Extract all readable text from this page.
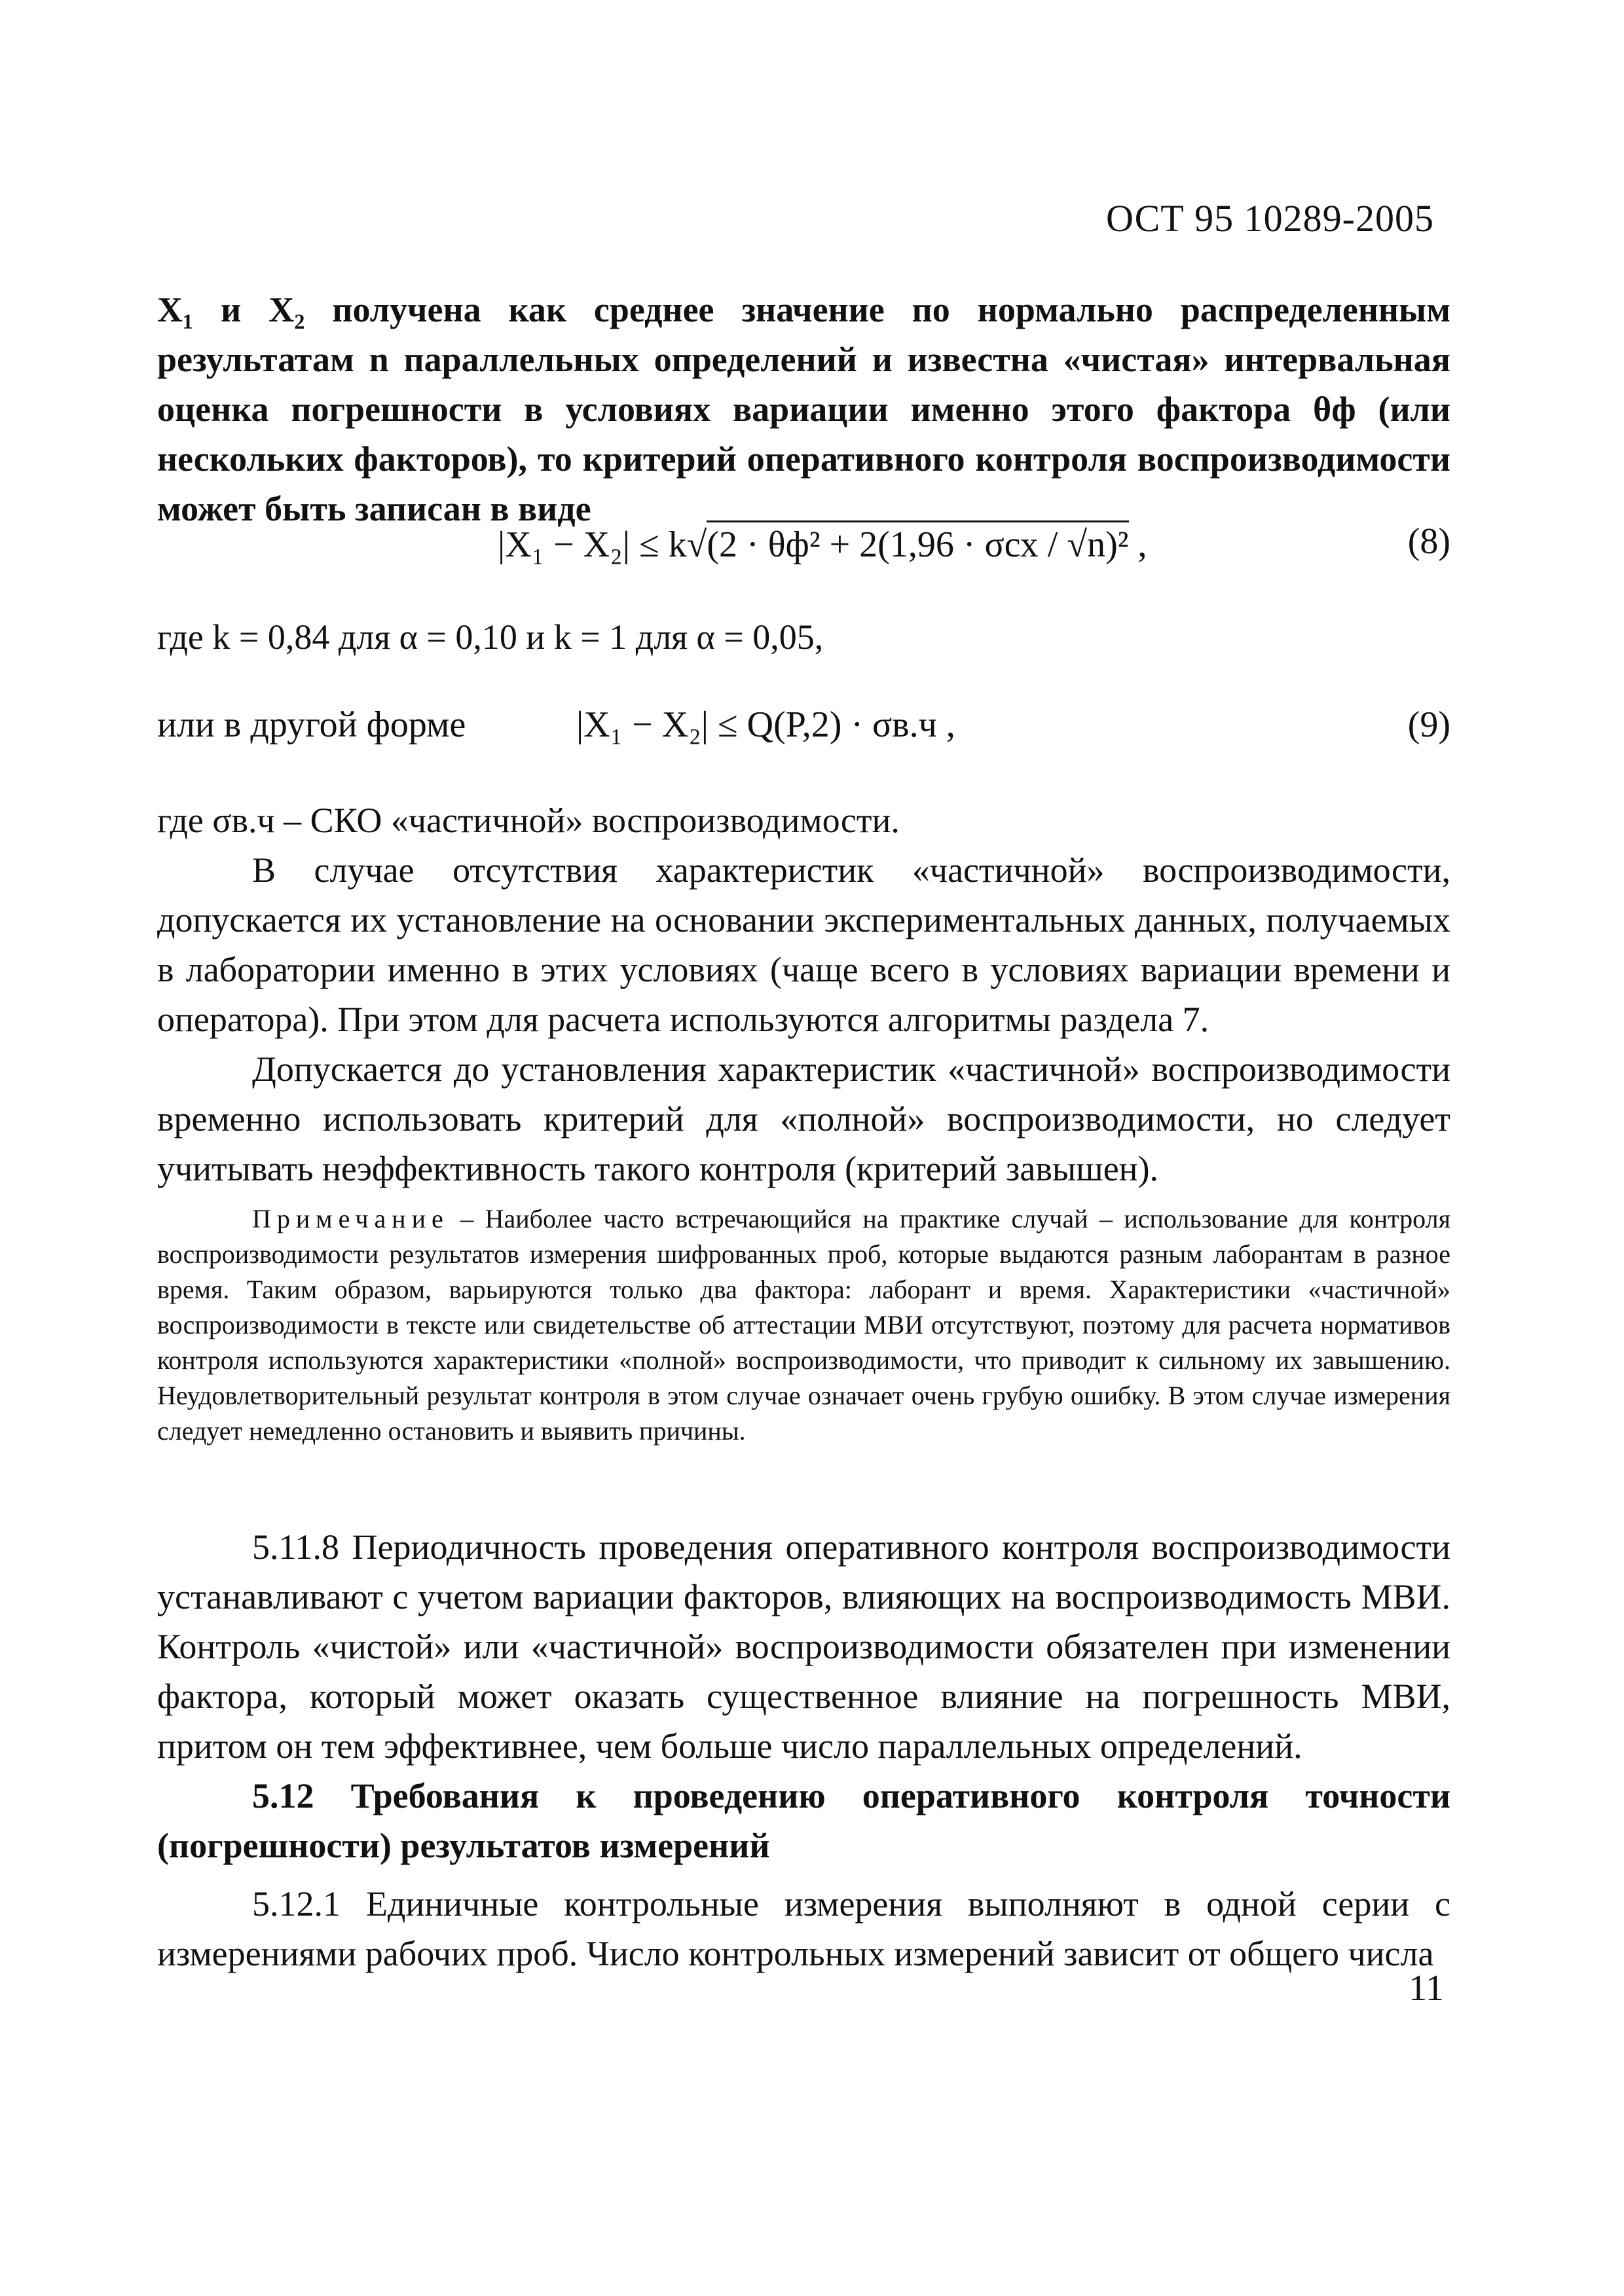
ОСТ 95 10289-2005
X₁ и X₂ получена как среднее значение по нормально распределенным результатам n параллельных определений и известна «чистая» интервальная оценка погрешности в условиях вариации именно этого фактора θф (или нескольких факторов), то критерий оперативного контроля воспроизводимости может быть записан в виде
|X₁ − X₂| ≤ k√(2 · θф² + 2(1,96 · σсх / √n)² ,	(8)
где k = 0,84 для α = 0,10 и k = 1 для α = 0,05,
или в другой форме	|X₁ − X₂| ≤ Q(P,2) · σв.ч ,	(9)
где σв.ч – СКО «частичной» воспроизводимости.
В случае отсутствия характеристик «частичной» воспроизводимости, допускается их установление на основании экспериментальных данных, получаемых в лаборатории именно в этих условиях (чаще всего в условиях вариации времени и оператора). При этом для расчета используются алгоритмы раздела 7.
Допускается до установления характеристик «частичной» воспроизводимости временно использовать критерий для «полной» воспроизводимости, но следует учитывать неэффективность такого контроля (критерий завышен).
Примечание – Наиболее часто встречающийся на практике случай – использование для контроля воспроизводимости результатов измерения шифрованных проб, которые выдаются разным лаборантам в разное время. Таким образом, варьируются только два фактора: лаборант и время. Характеристики «частичной» воспроизводимости в тексте или свидетельстве об аттестации МВИ отсутствуют, поэтому для расчета нормативов контроля используются характеристики «полной» воспроизводимости, что приводит к сильному их завышению. Неудовлетворительный результат контроля в этом случае означает очень грубую ошибку. В этом случае измерения следует немедленно остановить и выявить причины.
5.11.8 Периодичность проведения оперативного контроля воспроизводимости устанавливают с учетом вариации факторов, влияющих на воспроизводимость МВИ. Контроль «чистой» или «частичной» воспроизводимости обязателен при изменении фактора, который может оказать существенное влияние на погрешность МВИ, притом он тем эффективнее, чем больше число параллельных определений.
5.12 Требования к проведению оперативного контроля точности (погрешности) результатов измерений
5.12.1 Единичные контрольные измерения выполняют в одной серии с измерениями рабочих проб. Число контрольных измерений зависит от общего числа
11
